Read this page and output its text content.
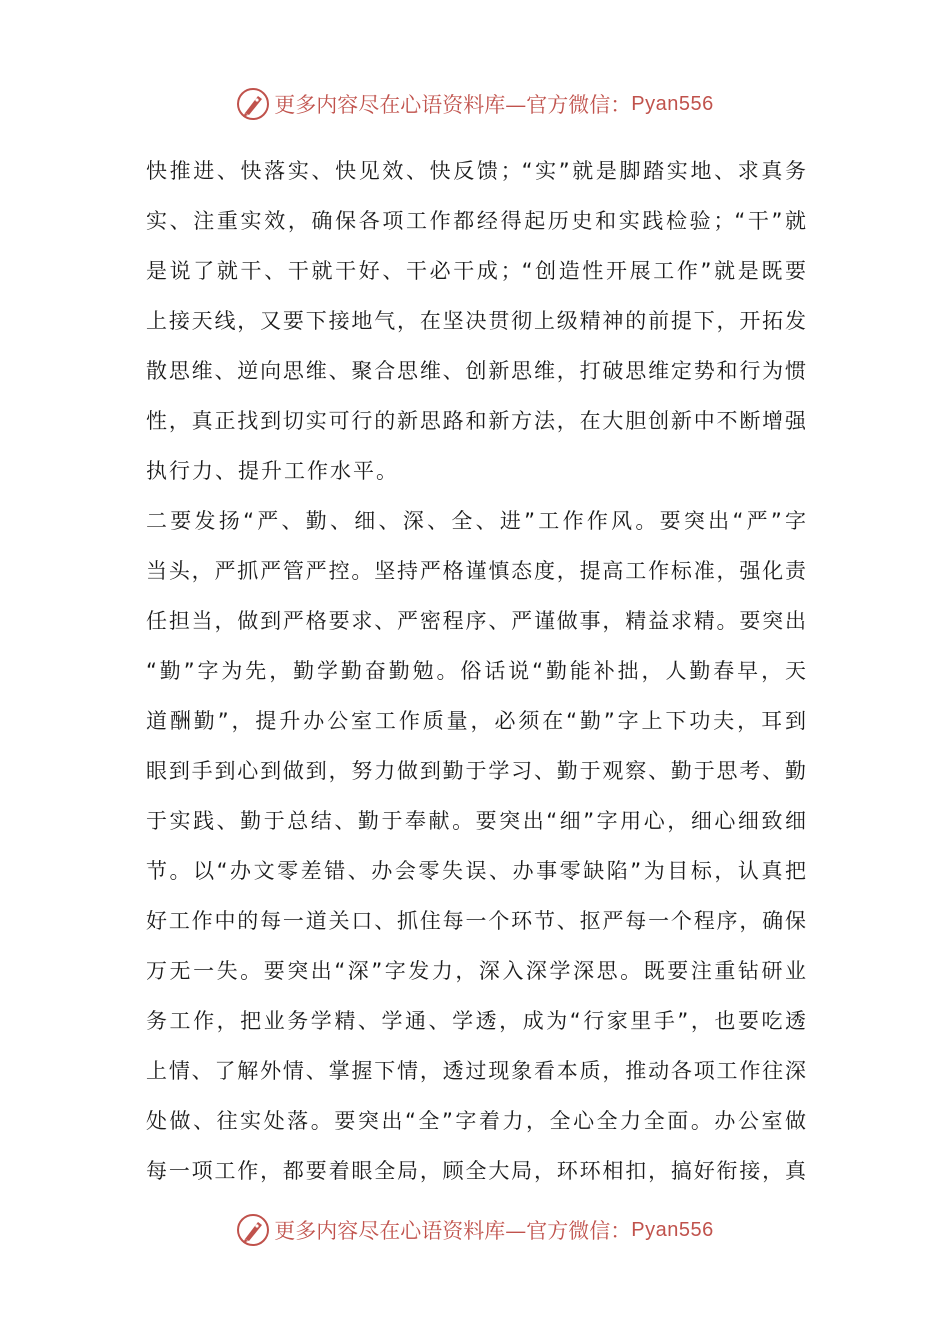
更多内容尽在心语资料库—官方微信： Pyan556
快推进、快落实、快见效、快反馈；“实”就是脚踏实地、求真务
实、注重实效，确保各项工作都经得起历史和实践检验；“干”就
是说了就干、干就干好、干必干成；“创造性开展工作”就是既要
上接天线，又要下接地气，在坚决贯彻上级精神的前提下，开拓发
散思维、逆向思维、聚合思维、创新思维，打破思维定势和行为惯
性，真正找到切实可行的新思路和新方法，在大胆创新中不断增强
执行力、提升工作水平。
二要发扬“严、勤、细、深、全、进”工作作风。要突出“严”字
当头，严抓严管严控。坚持严格谨慎态度，提高工作标准，强化责
任担当，做到严格要求、严密程序、严谨做事，精益求精。要突出
“勤”字为先，勤学勤奋勤勉。俗话说“勤能补拙，人勤春早，天
道酬勤”，提升办公室工作质量，必须在“勤”字上下功夫，耳到
眼到手到心到做到，努力做到勤于学习、勤于观察、勤于思考、勤
于实践、勤于总结、勤于奉献。要突出“细”字用心，细心细致细
节。以“办文零差错、办会零失误、办事零缺陷”为目标，认真把
好工作中的每一道关口、抓住每一个环节、抠严每一个程序，确保
万无一失。要突出“深”字发力，深入深学深思。既要注重钻研业
务工作，把业务学精、学通、学透，成为“行家里手”，也要吃透
上情、了解外情、掌握下情，透过现象看本质，推动各项工作往深
处做、往实处落。要突出“全”字着力，全心全力全面。办公室做
每一项工作，都要着眼全局，顾全大局，环环相扣，搞好衔接，真
更多内容尽在心语资料库—官方微信： Pyan556
